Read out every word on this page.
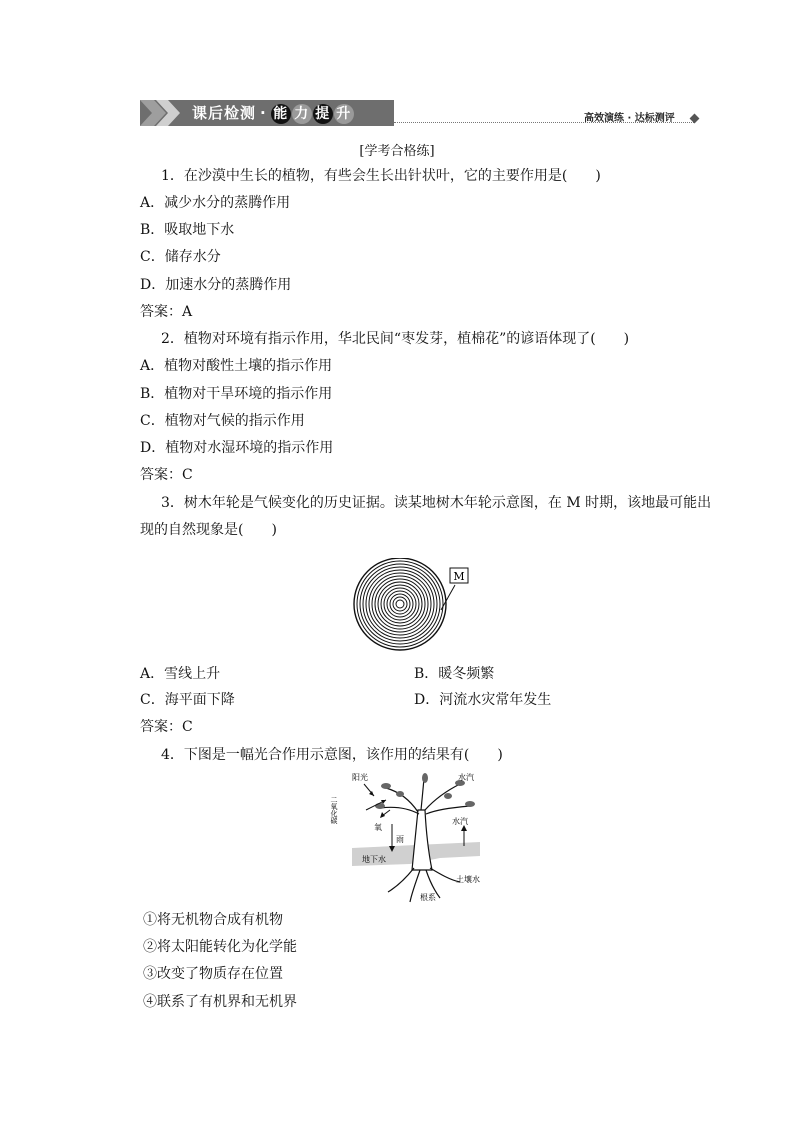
课后检测 · 能 力 提 升	高效演练 · 达标测评
[学考合格练]
1．在沙漠中生长的植物，有些会生长出针状叶，它的主要作用是(　　)
A．减少水分的蒸腾作用
B．吸取地下水
C．储存水分
D．加速水分的蒸腾作用
答案：A
2．植物对环境有指示作用，华北民间“枣发芽，植棉花”的谚语体现了(　　)
A．植物对酸性土壤的指示作用
B．植物对干旱环境的指示作用
C．植物对气候的指示作用
D．植物对水湿环境的指示作用
答案：C
3．树木年轮是气候变化的历史证据。读某地树木年轮示意图，在 M 时期，该地最可能出
现的自然现象是(　　)
M
A．雪线上升	B．暖冬频繁
C．海平面下降	D．河流水灾常年发生
答案：C
4．下图是一幅光合作用示意图，该作用的结果有(　　)
阳光
二氧化碳
水汽
氧
雨
水汽
地下水
土壤水
根系
①将无机物合成有机物
②将太阳能转化为化学能
③改变了物质存在位置
④联系了有机界和无机界
